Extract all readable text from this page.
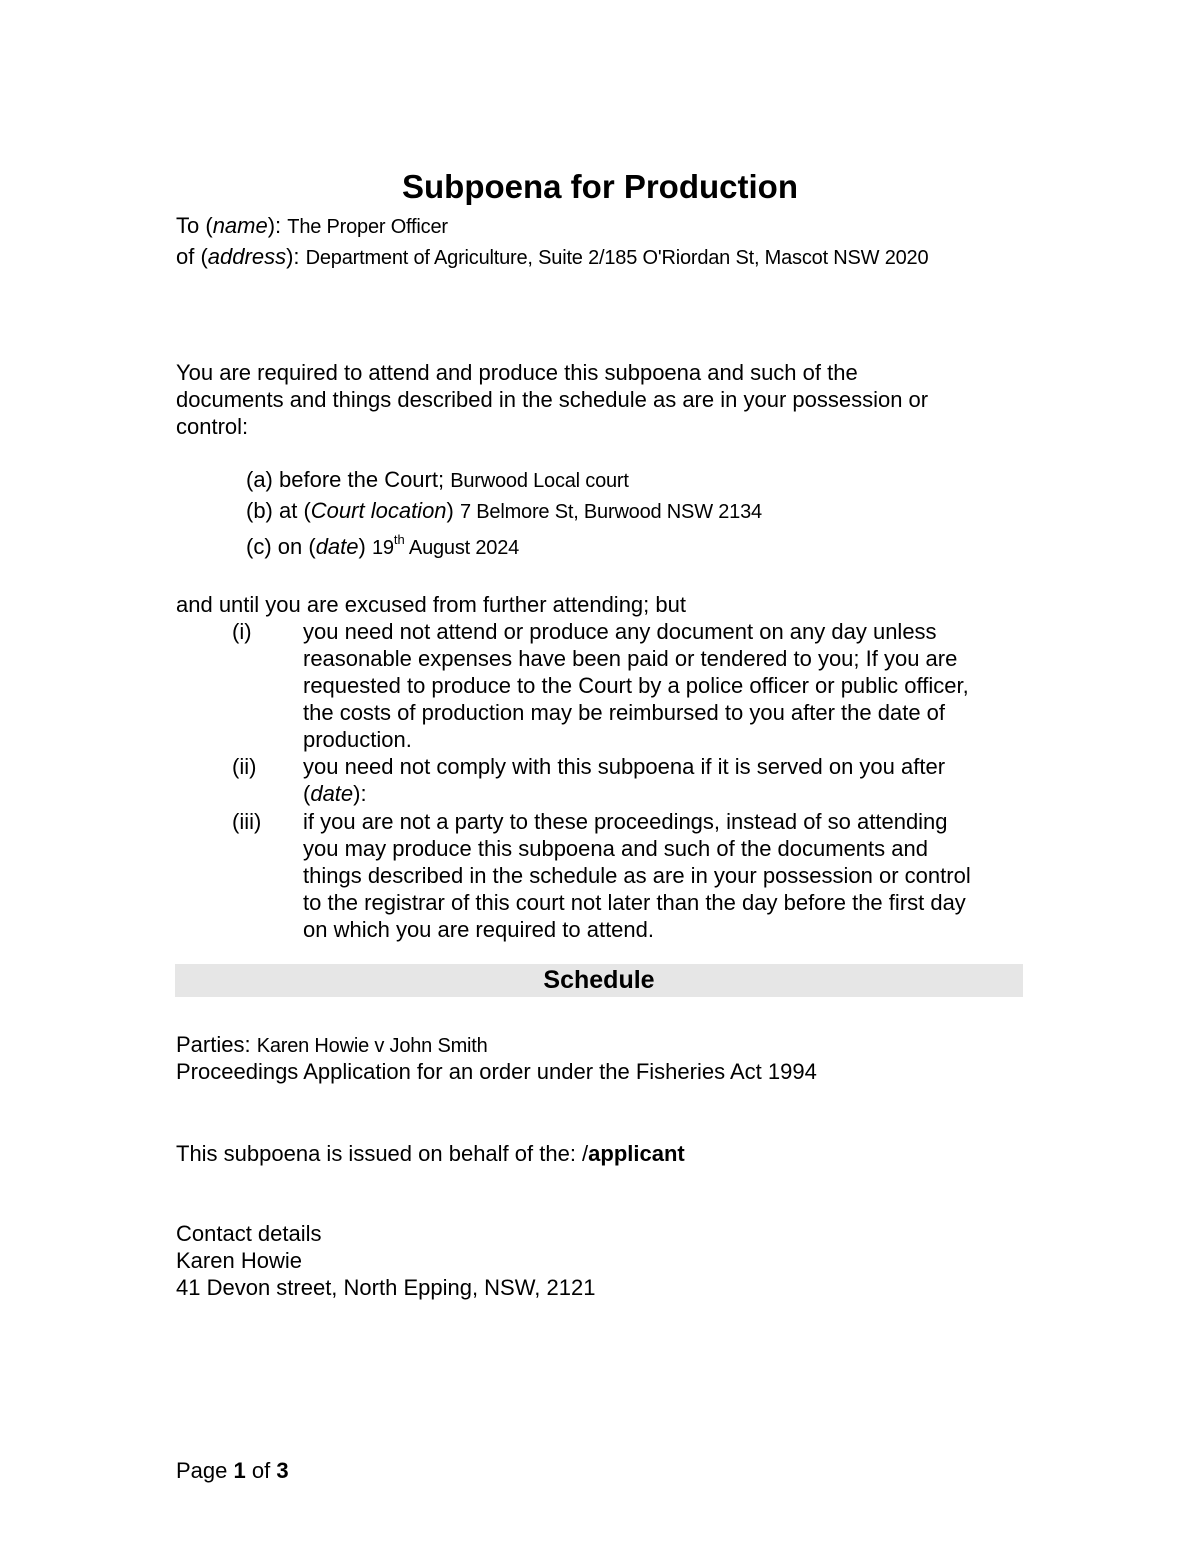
Subpoena for Production
To (name): The Proper Officer
of (address): Department of Agriculture, Suite 2/185 O'Riordan St, Mascot NSW 2020
You are required to attend and produce this subpoena and such of the
documents and things described in the schedule as are in your possession or
control:
(a) before the Court; Burwood Local court
(b) at (Court location) 7 Belmore St, Burwood NSW 2134
(c) on (date) 19th August 2024
and until you are excused from further attending; but
(i) you need not attend or produce any document on any day unless
reasonable expenses have been paid or tendered to you; If you are
requested to produce to the Court by a police officer or public officer,
the costs of production may be reimbursed to you after the date of
production.
(ii) you need not comply with this subpoena if it is served on you after
(date):
(iii) if you are not a party to these proceedings, instead of so attending
you may produce this subpoena and such of the documents and
things described in the schedule as are in your possession or control
to the registrar of this court not later than the day before the first day
on which you are required to attend.
Schedule
Parties: Karen Howie v John Smith
Proceedings Application for an order under the Fisheries Act 1994
This subpoena is issued on behalf of the: /applicant
Contact details
Karen Howie
41 Devon street, North Epping, NSW, 2121
Page 1 of 3
